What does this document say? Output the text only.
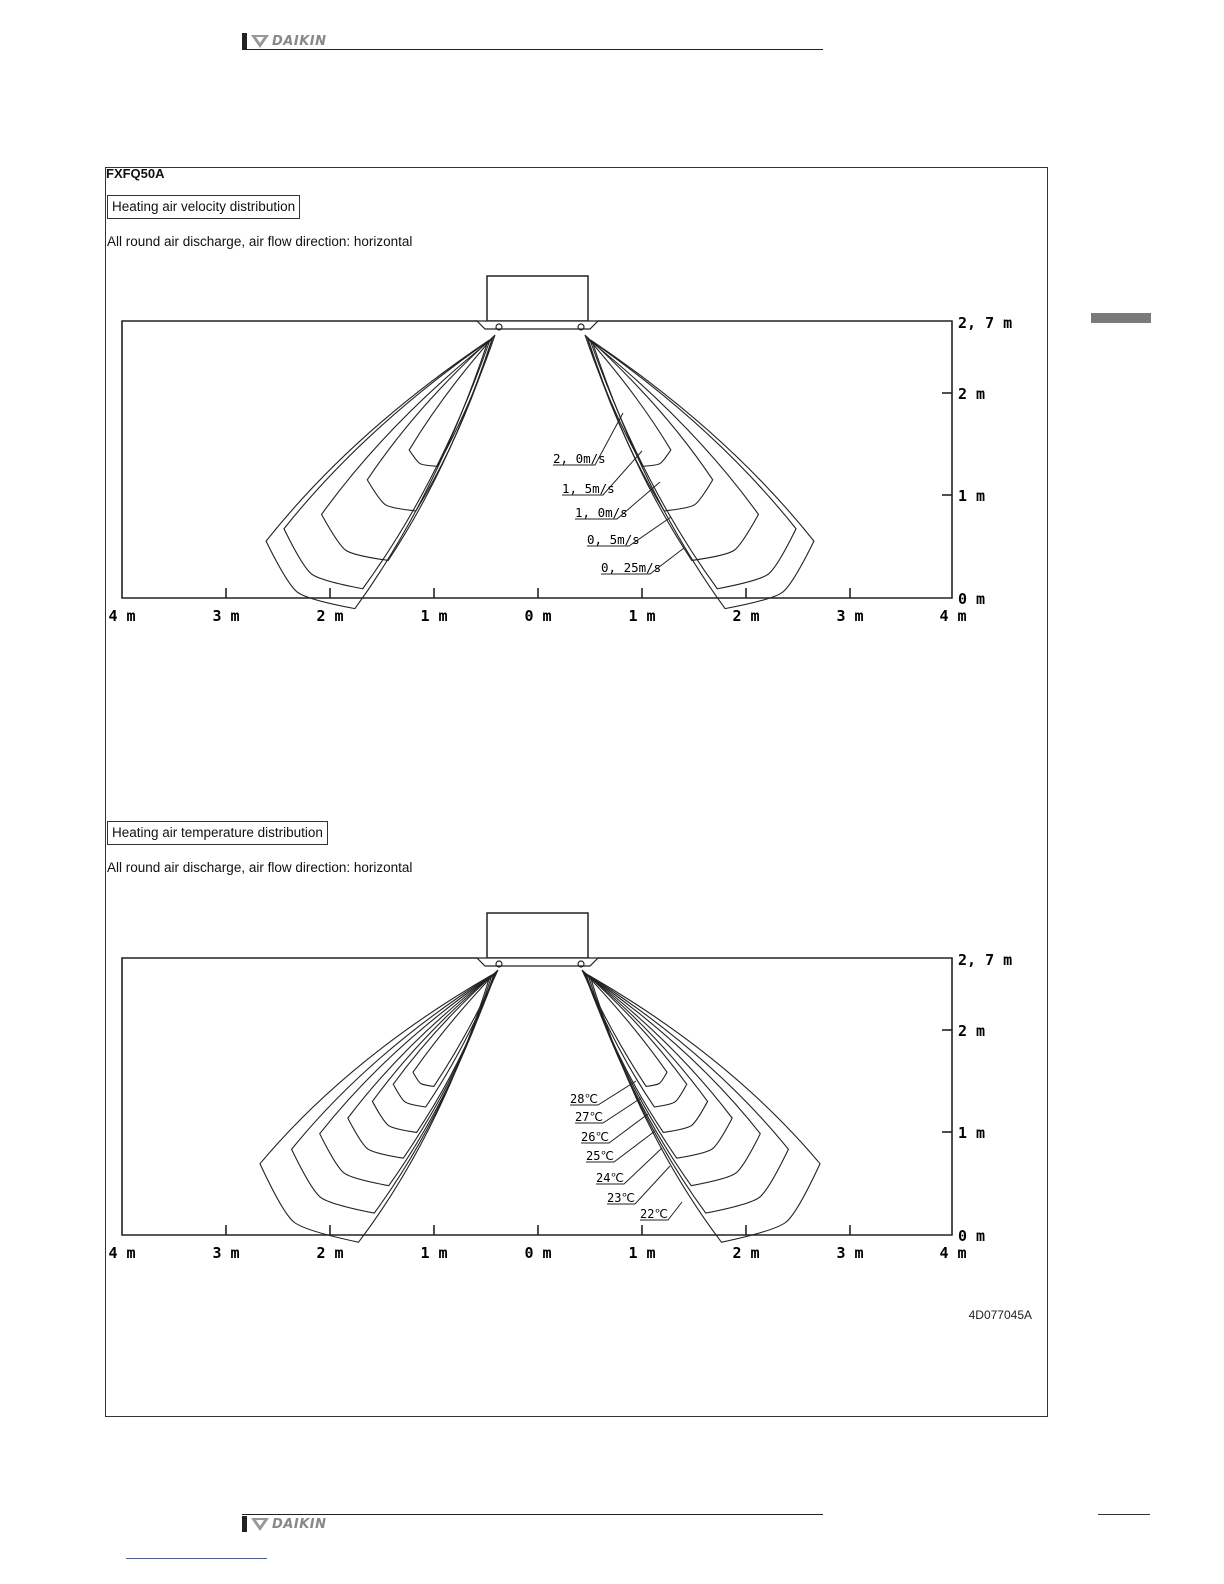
DAIKIN
FXFQ50A
Heating air velocity distribution
All round air discharge, air flow direction: horizontal
2, 7 m
2 m
1 m
0 m
4 m	3 m	2 m	1 m	0 m	1 m	2 m	3 m	4 m
2, 0m/s
1, 5m/s
1, 0m/s
0, 5m/s
0, 25m/s
Heating air temperature distribution
All round air discharge, air flow direction: horizontal
2, 7 m
2 m
1 m
0 m
4 m	3 m	2 m	1 m	0 m	1 m	2 m	3 m	4 m
28℃
27℃
26℃
25℃
24℃
23℃
22℃
4D077045A
DAIKIN
